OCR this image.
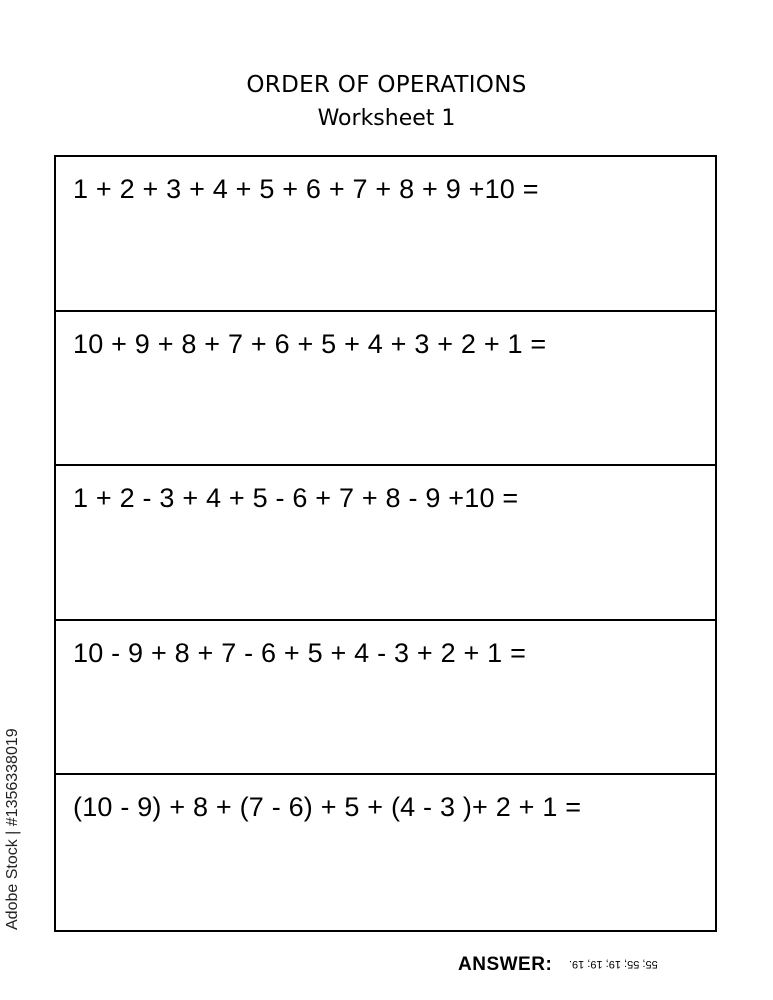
ORDER OF OPERATIONS
Worksheet 1
1 + 2 + 3 + 4 + 5 + 6 + 7 + 8 + 9 +10 =
10 + 9 + 8 + 7 + 6 + 5 + 4 + 3 + 2 + 1 =
1 + 2 - 3 + 4 + 5 - 6 + 7 + 8 - 9 +10 =
10 - 9 + 8 + 7 - 6 + 5 + 4 - 3 + 2 + 1 =
(10 - 9) + 8 + (7 - 6) + 5 + (4 - 3 )+ 2 + 1 =
ANSWER: 55; 55; 19; 19; 19.
Adobe Stock | #1356338019
